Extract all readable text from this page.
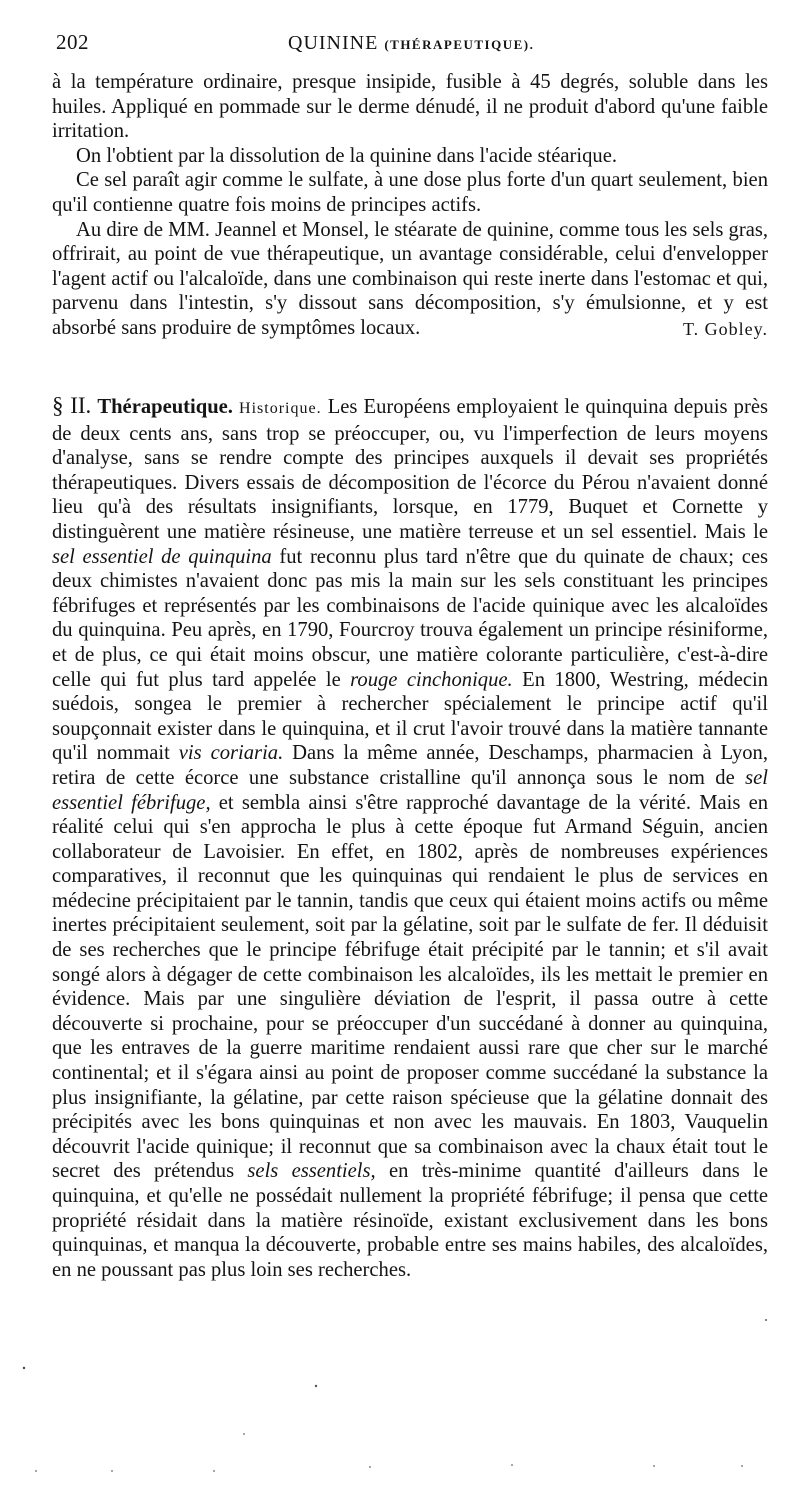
202	QUININE (THÉRAPEUTIQUE).

à la température ordinaire, presque insipide, fusible à 45 degrés, soluble dans les huiles. Appliqué en pommade sur le derme dénudé, il ne produit d'abord qu'une faible irritation.

On l'obtient par la dissolution de la quinine dans l'acide stéarique.

Ce sel paraît agir comme le sulfate, à une dose plus forte d'un quart seulement, bien qu'il contienne quatre fois moins de principes actifs.

Au dire de MM. Jeannel et Monsel, le stéarate de quinine, comme tous les sels gras, offrirait, au point de vue thérapeutique, un avantage considérable, celui d'envelopper l'agent actif ou l'alcaloïde, dans une combinaison qui reste inerte dans l'estomac et qui, parvenu dans l'intestin, s'y dissout sans décomposition, s'y émulsionne, et y est absorbé sans produire de symptômes locaux.	T. Gobley.

§ II. Thérapeutique. Historique. Les Européens employaient le quinquina depuis près de deux cents ans, sans trop se préoccuper, ou, vu l'imperfection de leurs moyens d'analyse, sans se rendre compte des principes auxquels il devait ses propriétés thérapeutiques. Divers essais de décomposition de l'écorce du Pérou n'avaient donné lieu qu'à des résultats insignifiants, lorsque, en 1779, Buquet et Cornette y distinguèrent une matière résineuse, une matière terreuse et un sel essentiel. Mais le sel essentiel de quinquina fut reconnu plus tard n'être que du quinate de chaux; ces deux chimistes n'avaient donc pas mis la main sur les sels constituant les principes fébrifuges et représentés par les combinaisons de l'acide quinique avec les alcaloïdes du quinquina. Peu après, en 1790, Fourcroy trouva également un principe résiniforme, et de plus, ce qui était moins obscur, une matière colorante particulière, c'est-à-dire celle qui fut plus tard appelée le rouge cinchonique. En 1800, Westring, médecin suédois, songea le premier à rechercher spécialement le principe actif qu'il soupçonnait exister dans le quinquina, et il crut l'avoir trouvé dans la matière tannante qu'il nommait vis coriaria. Dans la même année, Deschamps, pharmacien à Lyon, retira de cette écorce une substance cristalline qu'il annonça sous le nom de sel essentiel fébrifuge, et sembla ainsi s'être rapproché davantage de la vérité. Mais en réalité celui qui s'en approcha le plus à cette époque fut Armand Séguin, ancien collaborateur de Lavoisier. En effet, en 1802, après de nombreuses expériences comparatives, il reconnut que les quinquinas qui rendaient le plus de services en médecine précipitaient par le tannin, tandis que ceux qui étaient moins actifs ou même inertes précipitaient seulement, soit par la gélatine, soit par le sulfate de fer. Il déduisit de ses recherches que le principe fébrifuge était précipité par le tannin; et s'il avait songé alors à dégager de cette combinaison les alcaloïdes, ils les mettait le premier en évidence. Mais par une singulière déviation de l'esprit, il passa outre à cette découverte si prochaine, pour se préoccuper d'un succédané à donner au quinquina, que les entraves de la guerre maritime rendaient aussi rare que cher sur le marché continental; et il s'égara ainsi au point de proposer comme succédané la substance la plus insignifiante, la gélatine, par cette raison spécieuse que la gélatine donnait des précipités avec les bons quinquinas et non avec les mauvais. En 1803, Vauquelin découvrit l'acide quinique; il reconnut que sa combinaison avec la chaux était tout le secret des prétendus sels essentiels, en très-minime quantité d'ailleurs dans le quinquina, et qu'elle ne possédait nullement la propriété fébrifuge; il pensa que cette propriété résidait dans la matière résinoïde, existant exclusivement dans les bons quinquinas, et manqua la découverte, probable entre ses mains habiles, des alcaloïdes, en ne poussant pas plus loin ses recherches.
